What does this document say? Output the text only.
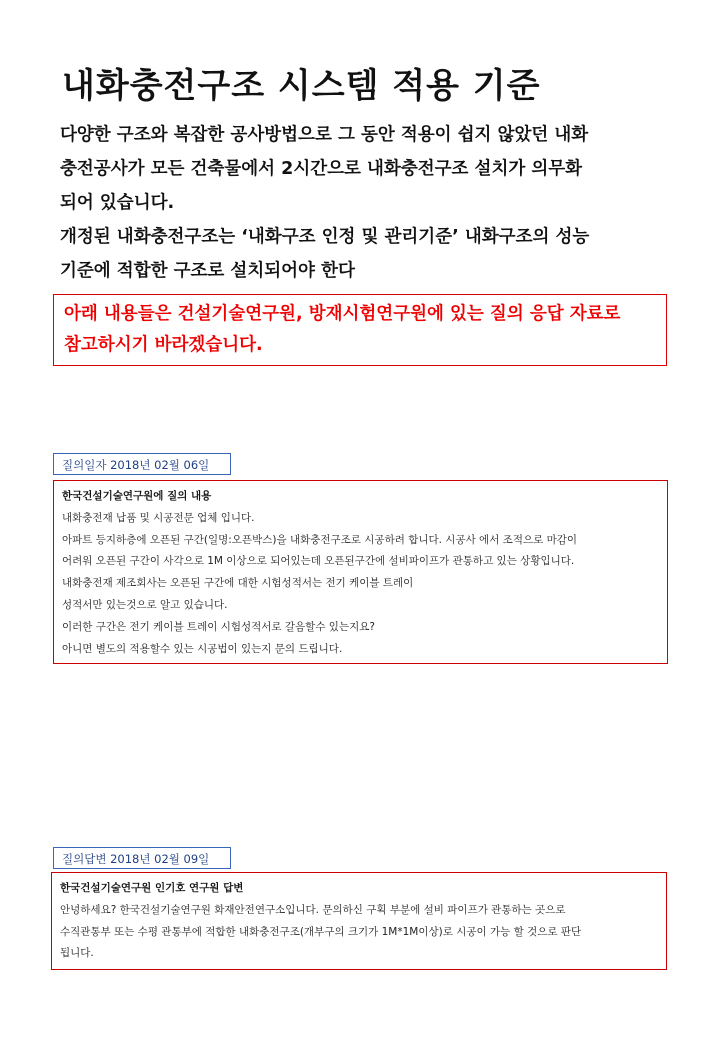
내화충전구조 시스템 적용 기준

다양한 구조와 복잡한 공사방법으로 그 동안 적용이 쉽지 않았던 내화

충전공사가 모든 건축물에서 2시간으로 내화충전구조 설치가 의무화

되어 있습니다.

개정된 내화충전구조는 ‘내화구조 인정 및 관리기준’ 내화구조의 성능

기준에 적합한 구조로 설치되어야 한다

아래 내용들은 건설기술연구원, 방재시험연구원에 있는 질의 응답 자료로

참고하시기 바라겠습니다.

질의일자 2018년 02월 06일

한국건설기술연구원에 질의 내용

내화충전재 납품 및 시공전문 업체 입니다.

아파트 등지하층에 오픈된 구간(일명:오픈박스)을 내화충전구조로 시공하려 합니다. 시공사 에서 조적으로 마감이

어려워 오픈된 구간이 사각으로 1M 이상으로 되어있는데 오픈된구간에 설비파이프가 관통하고 있는 상황입니다.

내화충전재 제조회사는 오픈된 구간에 대한 시험성적서는 전기 케이블 트레이

성적서만 있는것으로 알고 있습니다.

이러한 구간은 전기 케이블 트레이 시험성적서로 갈음할수 있는지요?

아니면 별도의 적용할수 있는 시공법이 있는지 문의 드립니다.

질의답변 2018년 02월 09일

한국건설기술연구원 인기호 연구원 답변

안녕하세요? 한국건설기술연구원 화재안전연구소입니다. 문의하신 구획 부분에 설비 파이프가 관통하는 곳으로

수직관통부 또는 수평 관통부에 적합한 내화충전구조(개부구의 크기가 1M*1M이상)로 시공이 가능 할 것으로 판단

됩니다.
